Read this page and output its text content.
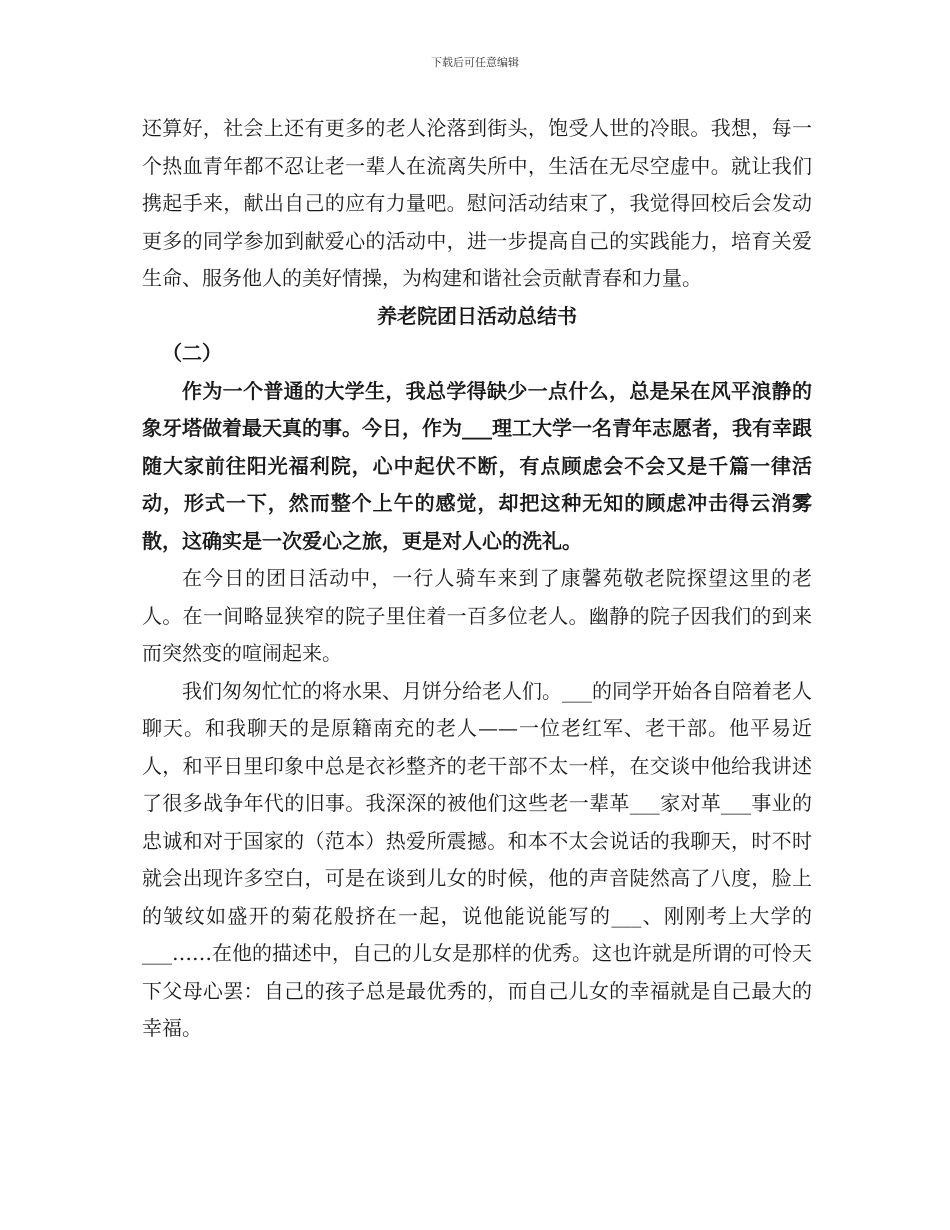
下载后可任意编辑

还算好，社会上还有更多的老人沦落到街头，饱受人世的冷眼。我想，每一个热血青年都不忍让老一辈人在流离失所中，生活在无尽空虚中。就让我们携起手来，献出自己的应有力量吧。慰问活动结束了，我觉得回校后会发动更多的同学参加到献爱心的活动中，进一步提高自己的实践能力，培育关爱生命、服务他人的美好情操，为构建和谐社会贡献青春和力量。

养老院团日活动总结书

（二）

作为一个普通的大学生，我总学得缺少一点什么，总是呆在风平浪静的象牙塔做着最天真的事。今日，作为___理工大学一名青年志愿者，我有幸跟随大家前往阳光福利院，心中起伏不断，有点顾虑会不会又是千篇一律活动，形式一下，然而整个上午的感觉，却把这种无知的顾虑冲击得云消雾散，这确实是一次爱心之旅，更是对人心的洗礼。

在今日的团日活动中，一行人骑车来到了康馨苑敬老院探望这里的老人。在一间略显狭窄的院子里住着一百多位老人。幽静的院子因我们的到来而突然变的喧闹起来。

我们匆匆忙忙的将水果、月饼分给老人们。___的同学开始各自陪着老人聊天。和我聊天的是原籍南充的老人——一位老红军、老干部。他平易近人，和平日里印象中总是衣衫整齐的老干部不太一样，在交谈中他给我讲述了很多战争年代的旧事。我深深的被他们这些老一辈革___家对革___事业的忠诚和对于国家的（范本）热爱所震撼。和本不太会说话的我聊天，时不时就会出现许多空白，可是在谈到儿女的时候，他的声音陡然高了八度，脸上的皱纹如盛开的菊花般挤在一起，说他能说能写的___、刚刚考上大学的___……在他的描述中，自己的儿女是那样的优秀。这也许就是所谓的可怜天下父母心罢：自己的孩子总是最优秀的，而自己儿女的幸福就是自己最大的幸福。
